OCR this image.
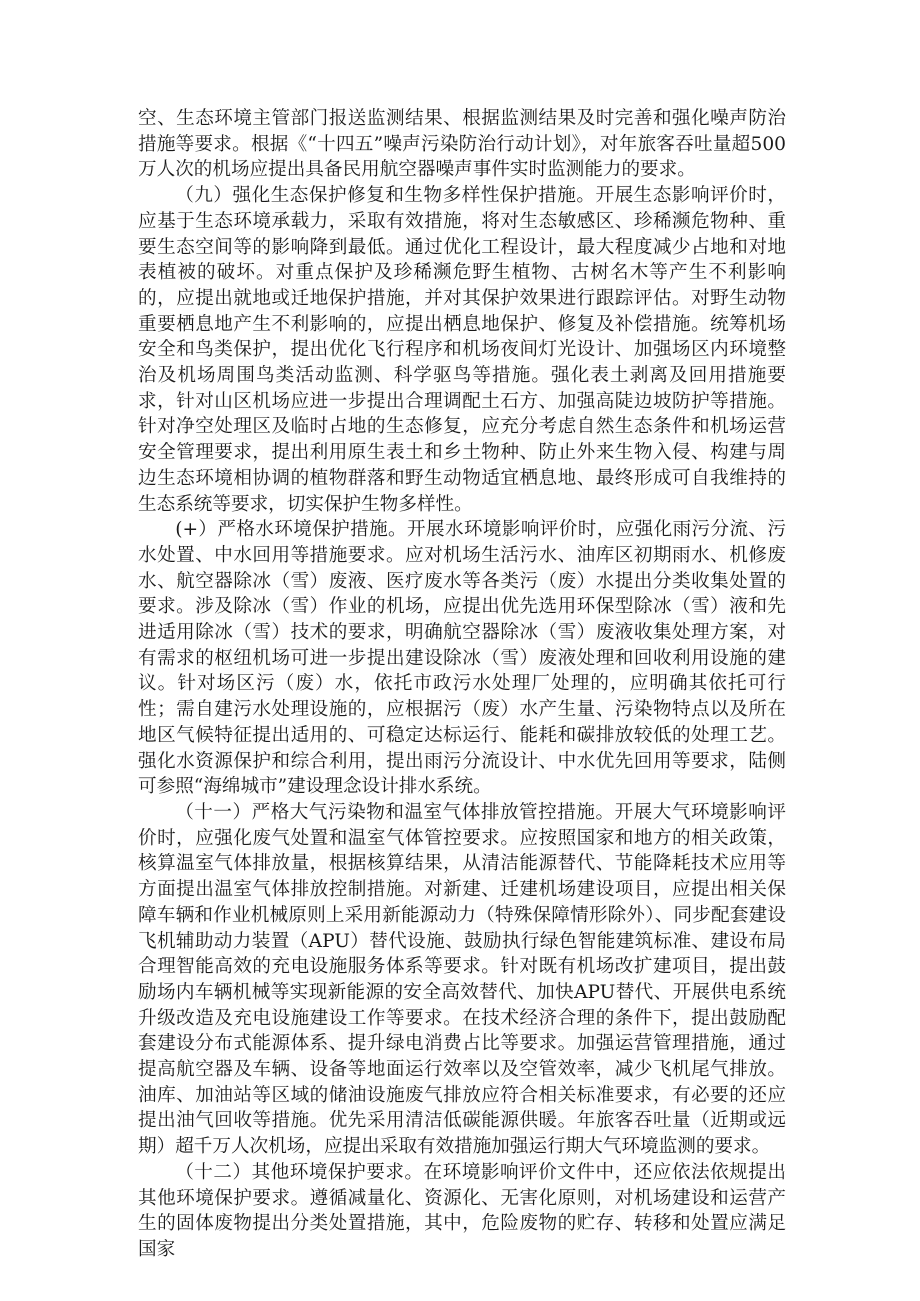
空、生态环境主管部门报送监测结果、根据监测结果及时完善和强化噪声防治措施等要求。根据《“十四五”噪声污染防治行动计划》，对年旅客吞吐量超500万人次的机场应提出具备民用航空器噪声事件实时监测能力的要求。

（九）强化生态保护修复和生物多样性保护措施。开展生态影响评价时，应基于生态环境承载力，采取有效措施，将对生态敏感区、珍稀濒危物种、重要生态空间等的影响降到最低。通过优化工程设计，最大程度减少占地和对地表植被的破坏。对重点保护及珍稀濒危野生植物、古树名木等产生不利影响的，应提出就地或迁地保护措施，并对其保护效果进行跟踪评估。对野生动物重要栖息地产生不利影响的，应提出栖息地保护、修复及补偿措施。统筹机场安全和鸟类保护，提出优化飞行程序和机场夜间灯光设计、加强场区内环境整治及机场周围鸟类活动监测、科学驱鸟等措施。强化表土剥离及回用措施要求，针对山区机场应进一步提出合理调配土石方、加强高陡边坡防护等措施。针对净空处理区及临时占地的生态修复，应充分考虑自然生态条件和机场运营安全管理要求，提出利用原生表土和乡土物种、防止外来生物入侵、构建与周边生态环境相协调的植物群落和野生动物适宜栖息地、最终形成可自我维持的生态系统等要求，切实保护生物多样性。

(+）严格水环境保护措施。开展水环境影响评价时，应强化雨污分流、污水处置、中水回用等措施要求。应对机场生活污水、油库区初期雨水、机修废水、航空器除冰（雪）废液、医疗废水等各类污（废）水提出分类收集处置的要求。涉及除冰（雪）作业的机场，应提出优先选用环保型除冰（雪）液和先进适用除冰（雪）技术的要求，明确航空器除冰（雪）废液收集处理方案，对有需求的枢纽机场可进一步提出建设除冰（雪）废液处理和回收利用设施的建议。针对场区污（废）水，依托市政污水处理厂处理的，应明确其依托可行性；需自建污水处理设施的，应根据污（废）水产生量、污染物特点以及所在地区气候特征提出适用的、可稳定达标运行、能耗和碳排放较低的处理工艺。强化水资源保护和综合利用，提出雨污分流设计、中水优先回用等要求，陆侧可参照“海绵城市”建设理念设计排水系统。

（十一）严格大气污染物和温室气体排放管控措施。开展大气环境影响评价时，应强化废气处置和温室气体管控要求。应按照国家和地方的相关政策，核算温室气体排放量，根据核算结果，从清洁能源替代、节能降耗技术应用等方面提出温室气体排放控制措施。对新建、迁建机场建设项目，应提出相关保障车辆和作业机械原则上采用新能源动力（特殊保障情形除外）、同步配套建设飞机辅助动力装置（APU）替代设施、鼓励执行绿色智能建筑标准、建设布局合理智能高效的充电设施服务体系等要求。针对既有机场改扩建项目，提出鼓励场内车辆机械等实现新能源的安全高效替代、加快APU替代、开展供电系统升级改造及充电设施建设工作等要求。在技术经济合理的条件下，提出鼓励配套建设分布式能源体系、提升绿电消费占比等要求。加强运营管理措施，通过提高航空器及车辆、设备等地面运行效率以及空管效率，减少飞机尾气排放。油库、加油站等区域的储油设施废气排放应符合相关标准要求，有必要的还应提出油气回收等措施。优先采用清洁低碳能源供暖。年旅客吞吐量（近期或远期）超千万人次机场，应提出采取有效措施加强运行期大气环境监测的要求。

（十二）其他环境保护要求。在环境影响评价文件中，还应依法依规提出其他环境保护要求。遵循减量化、资源化、无害化原则，对机场建设和运营产生的固体废物提出分类处置措施，其中，危险废物的贮存、转移和处置应满足国家
